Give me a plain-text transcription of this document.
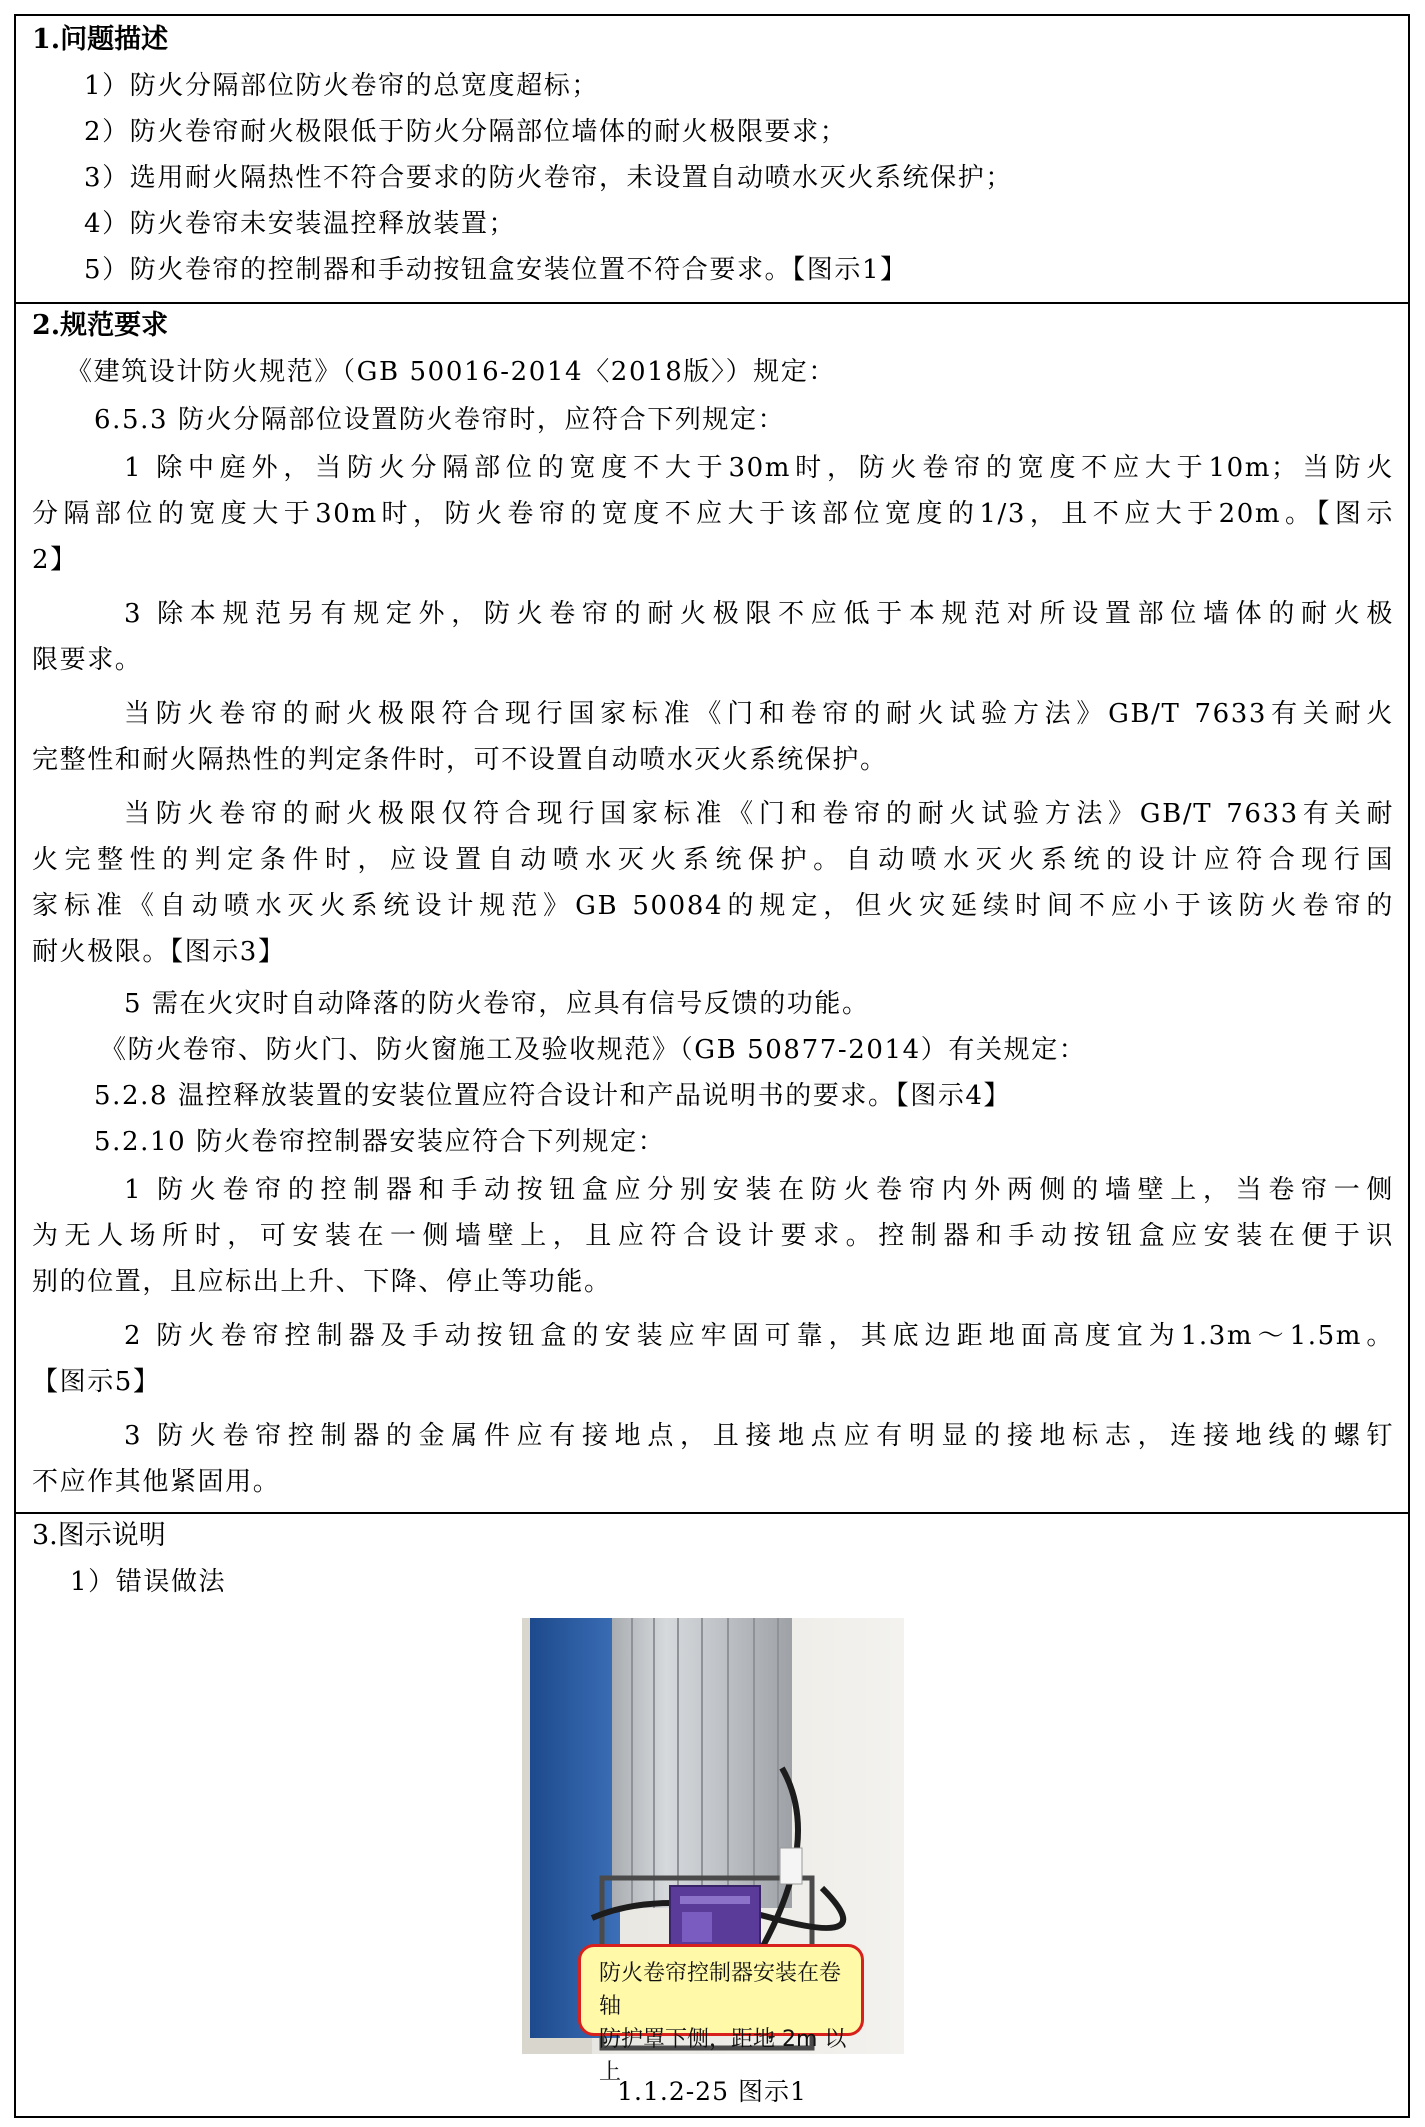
1.问题描述
1）防火分隔部位防火卷帘的总宽度超标；
2）防火卷帘耐火极限低于防火分隔部位墙体的耐火极限要求；
3）选用耐火隔热性不符合要求的防火卷帘，未设置自动喷水灭火系统保护；
4）防火卷帘未安装温控释放装置；
5）防火卷帘的控制器和手动按钮盒安装位置不符合要求。【图示1】
2.规范要求
《建筑设计防火规范》（GB 50016-2014〈2018版〉）规定：
6.5.3 防火分隔部位设置防火卷帘时，应符合下列规定：
1 除中庭外，当防火分隔部位的宽度不大于30m时，防火卷帘的宽度不应大于10m；当防火
分隔部位的宽度大于30m时，防火卷帘的宽度不应大于该部位宽度的1/3，且不应大于20m。【图示
2】
3 除本规范另有规定外，防火卷帘的耐火极限不应低于本规范对所设置部位墙体的耐火极
限要求。
当防火卷帘的耐火极限符合现行国家标准《门和卷帘的耐火试验方法》GB/T 7633有关耐火
完整性和耐火隔热性的判定条件时，可不设置自动喷水灭火系统保护。
当防火卷帘的耐火极限仅符合现行国家标准《门和卷帘的耐火试验方法》GB/T 7633有关耐
火完整性的判定条件时，应设置自动喷水灭火系统保护。自动喷水灭火系统的设计应符合现行国
家标准《自动喷水灭火系统设计规范》GB 50084的规定，但火灾延续时间不应小于该防火卷帘的
耐火极限。【图示3】
5 需在火灾时自动降落的防火卷帘，应具有信号反馈的功能。
《防火卷帘、防火门、防火窗施工及验收规范》（GB 50877-2014）有关规定：
5.2.8 温控释放装置的安装位置应符合设计和产品说明书的要求。【图示4】
5.2.10 防火卷帘控制器安装应符合下列规定：
1 防火卷帘的控制器和手动按钮盒应分别安装在防火卷帘内外两侧的墙壁上，当卷帘一侧
为无人场所时，可安装在一侧墙壁上，且应符合设计要求。控制器和手动按钮盒应安装在便于识
别的位置，且应标出上升、下降、停止等功能。
2 防火卷帘控制器及手动按钮盒的安装应牢固可靠，其底边距地面高度宜为1.3m～1.5m。
【图示5】
3 防火卷帘控制器的金属件应有接地点，且接地点应有明显的接地标志，连接地线的螺钉
不应作其他紧固用。
3.图示说明
1）错误做法
防火卷帘控制器安装在卷轴
防护罩下侧，距地 2m 以上
1.1.2-25 图示1
